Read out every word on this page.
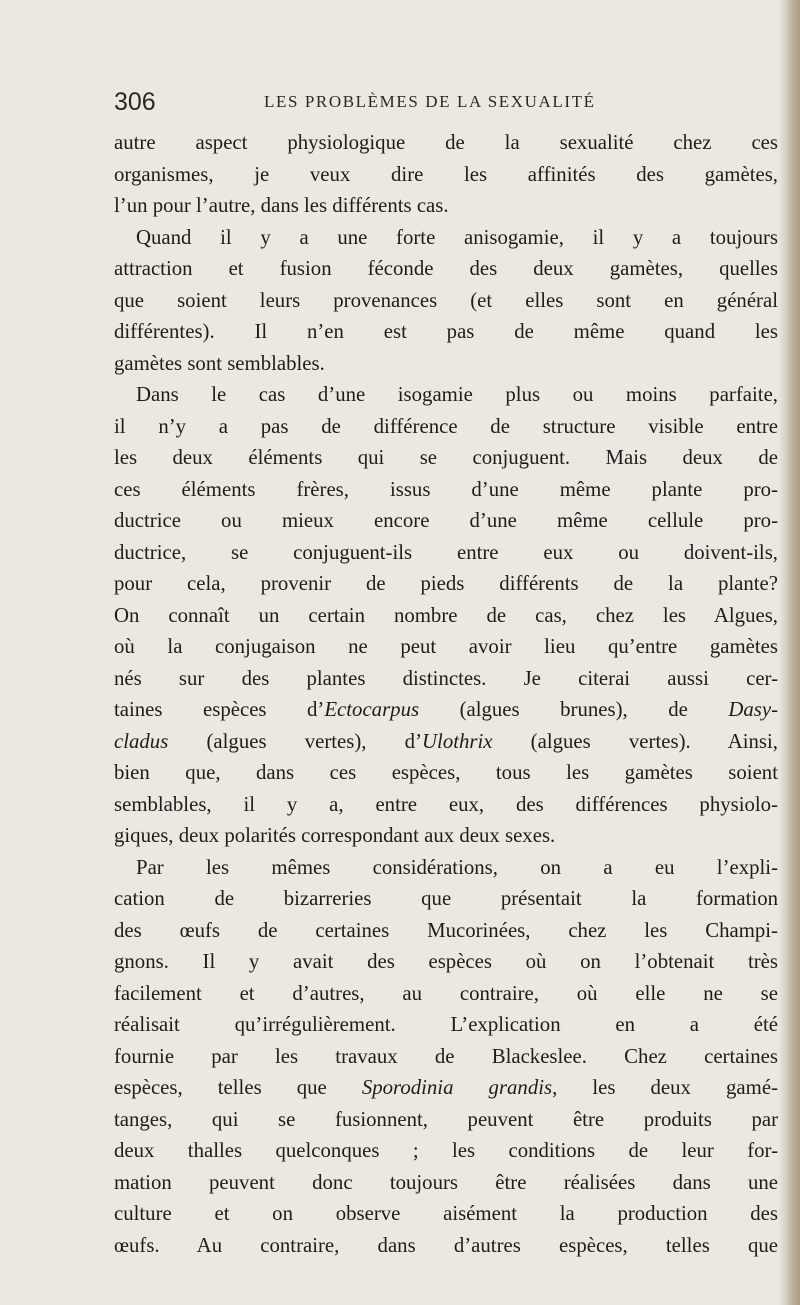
306	LES PROBLÈMES DE LA SEXUALITÉ
autre aspect physiologique de la sexualité chez ces
organismes, je veux dire les affinités des gamètes,
l’un pour l’autre, dans les différents cas.
Quand il y a une forte anisogamie, il y a toujours
attraction et fusion féconde des deux gamètes, quelles
que soient leurs provenances (et elles sont en général
différentes). Il n’en est pas de même quand les
gamètes sont semblables.
Dans le cas d’une isogamie plus ou moins parfaite,
il n’y a pas de différence de structure visible entre
les deux éléments qui se conjuguent. Mais deux de
ces éléments frères, issus d’une même plante pro-
ductrice ou mieux encore d’une même cellule pro-
ductrice, se conjuguent-ils entre eux ou doivent-ils,
pour cela, provenir de pieds différents de la plante?
On connaît un certain nombre de cas, chez les Algues,
où la conjugaison ne peut avoir lieu qu’entre gamètes
nés sur des plantes distinctes. Je citerai aussi cer-
taines espèces d’Ectocarpus (algues brunes), de Dasy-
cladus (algues vertes), d’Ulothrix (algues vertes). Ainsi,
bien que, dans ces espèces, tous les gamètes soient
semblables, il y a, entre eux, des différences physiolo-
giques, deux polarités correspondant aux deux sexes.
Par les mêmes considérations, on a eu l’expli-
cation de bizarreries que présentait la formation
des œufs de certaines Mucorinées, chez les Champi-
gnons. Il y avait des espèces où on l’obtenait très
facilement et d’autres, au contraire, où elle ne se
réalisait qu’irrégulièrement. L’explication en a été
fournie par les travaux de Blackeslee. Chez certaines
espèces, telles que Sporodinia grandis, les deux gamé-
tanges, qui se fusionnent, peuvent être produits par
deux thalles quelconques ; les conditions de leur for-
mation peuvent donc toujours être réalisées dans une
culture et on observe aisément la production des
œufs. Au contraire, dans d’autres espèces, telles que
